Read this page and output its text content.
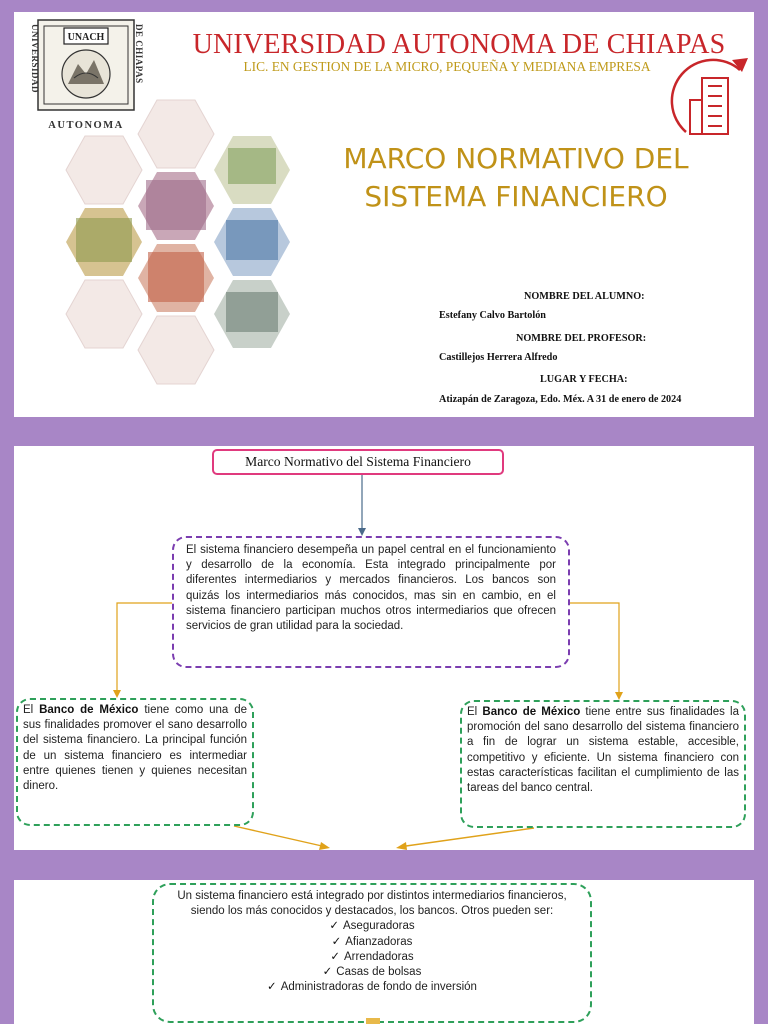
UNACH
UNIVERSIDAD	DE CHIAPAS
AUTONOMA
UNIVERSIDAD AUTONOMA DE CHIAPAS
LIC. EN GESTION DE LA MICRO, PEQUEÑA Y MEDIANA EMPRESA
MARCO NORMATIVO DEL
SISTEMA FINANCIERO
NOMBRE DEL ALUMNO:
Estefany Calvo Bartolón
NOMBRE DEL PROFESOR:
Castillejos Herrera Alfredo
LUGAR Y FECHA:
Atizapán de Zaragoza, Edo. Méx. A 31 de enero de 2024
Marco Normativo del Sistema Financiero
El sistema financiero desempeña un papel central en el funcionamiento y desarrollo de la economía. Esta integrado principalmente por diferentes intermediarios y mercados financieros. Los bancos son quizás los intermediarios más conocidos, mas sin en cambio, en el sistema financiero participan muchos otros intermediarios que ofrecen servicios de gran utilidad para la sociedad.
El Banco de México tiene como una de sus finalidades promover el sano desarrollo del sistema financiero. La principal función de un sistema financiero es intermediar entre quienes tienen y quienes necesitan dinero.
El Banco de México tiene entre sus finalidades la promoción del sano desarrollo del sistema financiero a fin de lograr un sistema estable, accesible, competitivo y eficiente. Un sistema financiero con estas características facilitan el cumplimiento de las tareas del banco central.
Un sistema financiero está integrado por distintos intermediarios financieros, siendo los más conocidos y destacados, los bancos. Otros pueden ser:
✓ Aseguradoras
✓ Afianzadoras
✓ Arrendadoras
✓ Casas de bolsas
✓ Administradoras de fondo de inversión
